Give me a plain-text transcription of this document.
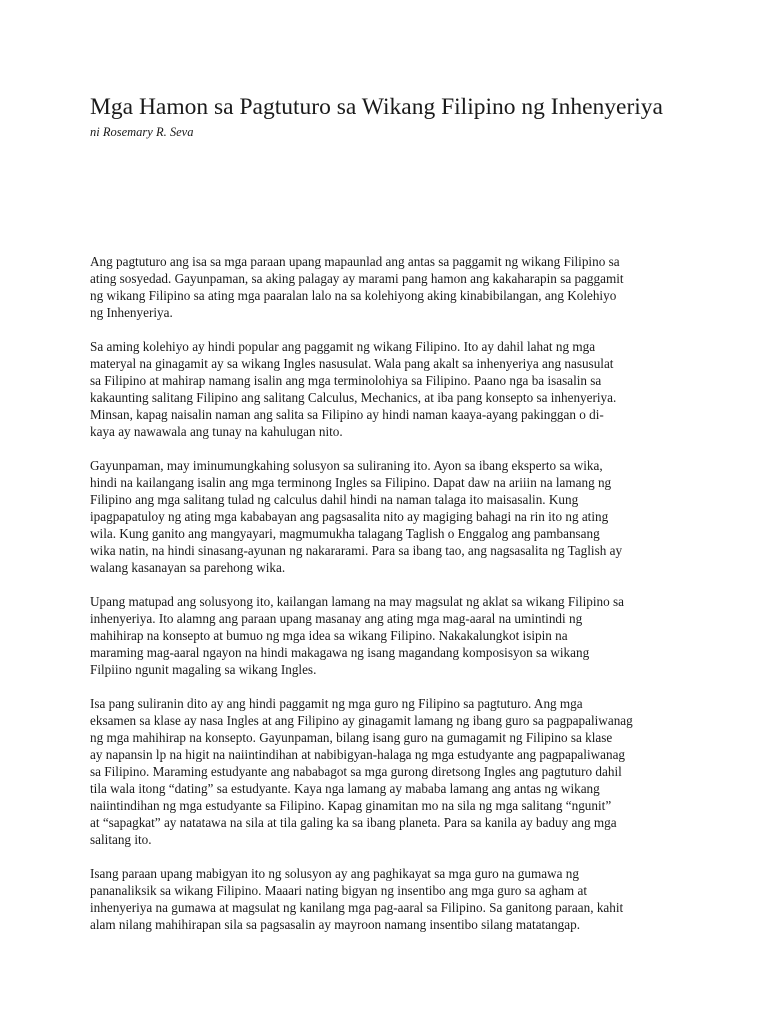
Mga Hamon sa Pagtuturo sa Wikang Filipino ng Inhenyeriya

ni Rosemary R. Seva

Ang pagtuturo ang isa sa mga paraan upang mapaunlad ang antas sa paggamit ng wikang Filipino sa
ating sosyedad. Gayunpaman, sa aking palagay ay marami pang hamon ang kakaharapin sa paggamit
ng wikang Filipino sa ating mga paaralan lalo na sa kolehiyong aking kinabibilangan, ang Kolehiyo
ng Inhenyeriya.

Sa aming kolehiyo ay hindi popular ang paggamit ng wikang Filipino. Ito ay dahil lahat ng mga
materyal na ginagamit ay sa wikang Ingles nasusulat. Wala pang akalt sa inhenyeriya ang nasusulat
sa Filipino at mahirap namang isalin ang mga terminolohiya sa Filipino. Paano nga ba isasalin sa
kakaunting salitang Filipino ang salitang Calculus, Mechanics, at iba pang konsepto sa inhenyeriya.
Minsan, kapag naisalin naman ang salita sa Filipino ay hindi naman kaaya-ayang pakinggan o di-
kaya ay nawawala ang tunay na kahulugan nito.

Gayunpaman, may iminumungkahing solusyon sa suliraning ito. Ayon sa ibang eksperto sa wika,
hindi na kailangang isalin ang mga terminong Ingles sa Filipino. Dapat daw na ariiin na lamang ng
Filipino ang mga salitang tulad ng calculus dahil hindi na naman talaga ito maisasalin. Kung
ipagpapatuloy ng ating mga kababayan ang pagsasalita nito ay magiging bahagi na rin ito ng ating
wila. Kung ganito ang mangyayari, magmumukha talagang Taglish o Enggalog ang pambansang
wika natin, na hindi sinasang-ayunan ng nakararami. Para sa ibang tao, ang nagsasalita ng Taglish ay
walang kasanayan sa parehong wika.

Upang matupad ang solusyong ito, kailangan lamang na may magsulat ng aklat sa wikang Filipino sa
inhenyeriya. Ito alamng ang paraan upang masanay ang ating mga mag-aaral na umintindi ng
mahihirap na konsepto at bumuo ng mga idea sa wikang Filipino. Nakakalungkot isipin na
maraming mag-aaral ngayon na hindi makagawa ng isang magandang komposisyon sa wikang
Filpiino ngunit magaling sa wikang Ingles.

Isa pang suliranin dito ay ang hindi paggamit ng mga guro ng Filipino sa pagtuturo. Ang mga
eksamen sa klase ay nasa Ingles at ang Filipino ay ginagamit lamang ng ibang guro sa pagpapaliwanag
ng mga mahihirap na konsepto. Gayunpaman, bilang isang guro na gumagamit ng Filipino sa klase
ay napansin lp na higit na naiintindihan at nabibigyan-halaga ng mga estudyante ang pagpapaliwanag
sa Filipino. Maraming estudyante ang nababagot sa mga gurong diretsong Ingles ang pagtuturo dahil
tila wala itong “dating” sa estudyante. Kaya nga lamang ay mababa lamang ang antas ng wikang
naiintindihan ng mga estudyante sa Filipino. Kapag ginamitan mo na sila ng mga salitang “ngunit”
at “sapagkat” ay natatawa na sila at tila galing ka sa ibang planeta. Para sa kanila ay baduy ang mga
salitang ito.

Isang paraan upang mabigyan ito ng solusyon ay ang paghikayat sa mga guro na gumawa ng
pananaliksik sa wikang Filipino. Maaari nating bigyan ng insentibo ang mga guro sa agham at
inhenyeriya na gumawa at magsulat ng kanilang mga pag-aaral sa Filipino. Sa ganitong paraan, kahit
alam nilang mahihirapan sila sa pagsasalin ay mayroon namang insentibo silang matatangap.
